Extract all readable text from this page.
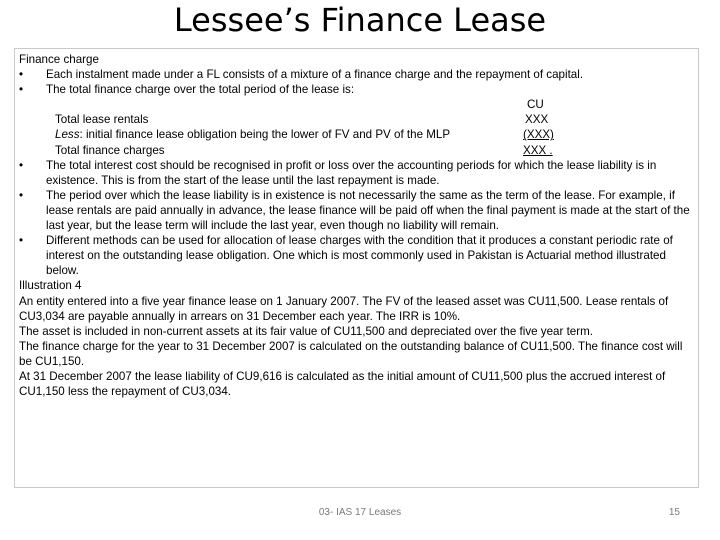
Lessee’s Finance Lease
Finance charge
•	Each instalment made under a FL consists of a mixture of a finance charge and the repayment of capital.
•	The total finance charge over the total period of the lease is:
CU
Total lease rentals	XXX
Less: initial finance lease obligation being the lower of FV and PV of the MLP	(XXX)
Total finance charges	XXX .
•	The total interest cost should be recognised in profit or loss over the accounting periods for which the lease liability is in existence. This is from the start of the lease until the last repayment is made.
•	The period over which the lease liability is in existence is not necessarily the same as the term of the lease. For example, if lease rentals are paid annually in advance, the lease finance will be paid off when the final payment is made at the start of the last year, but the lease term will include the last year, even though no liability will remain.
•	Different methods can be used for allocation of lease charges with the condition that it produces a constant periodic rate of interest on the outstanding lease obligation. One which is most commonly used in Pakistan is Actuarial method illustrated below.
Illustration 4
An entity entered into a five year finance lease on 1 January 2007. The FV of the leased asset was CU11,500. Lease rentals of CU3,034 are payable annually in arrears on 31 December each year. The IRR is 10%.
The asset is included in non-current assets at its fair value of CU11,500 and depreciated over the five year term.
The finance charge for the year to 31 December 2007 is calculated on the outstanding balance of CU11,500. The finance cost will be CU1,150.
At 31 December 2007 the lease liability of CU9,616 is calculated as the initial amount of CU11,500 plus the accrued interest of CU1,150 less the repayment of CU3,034.
03- IAS 17 Leases	15
